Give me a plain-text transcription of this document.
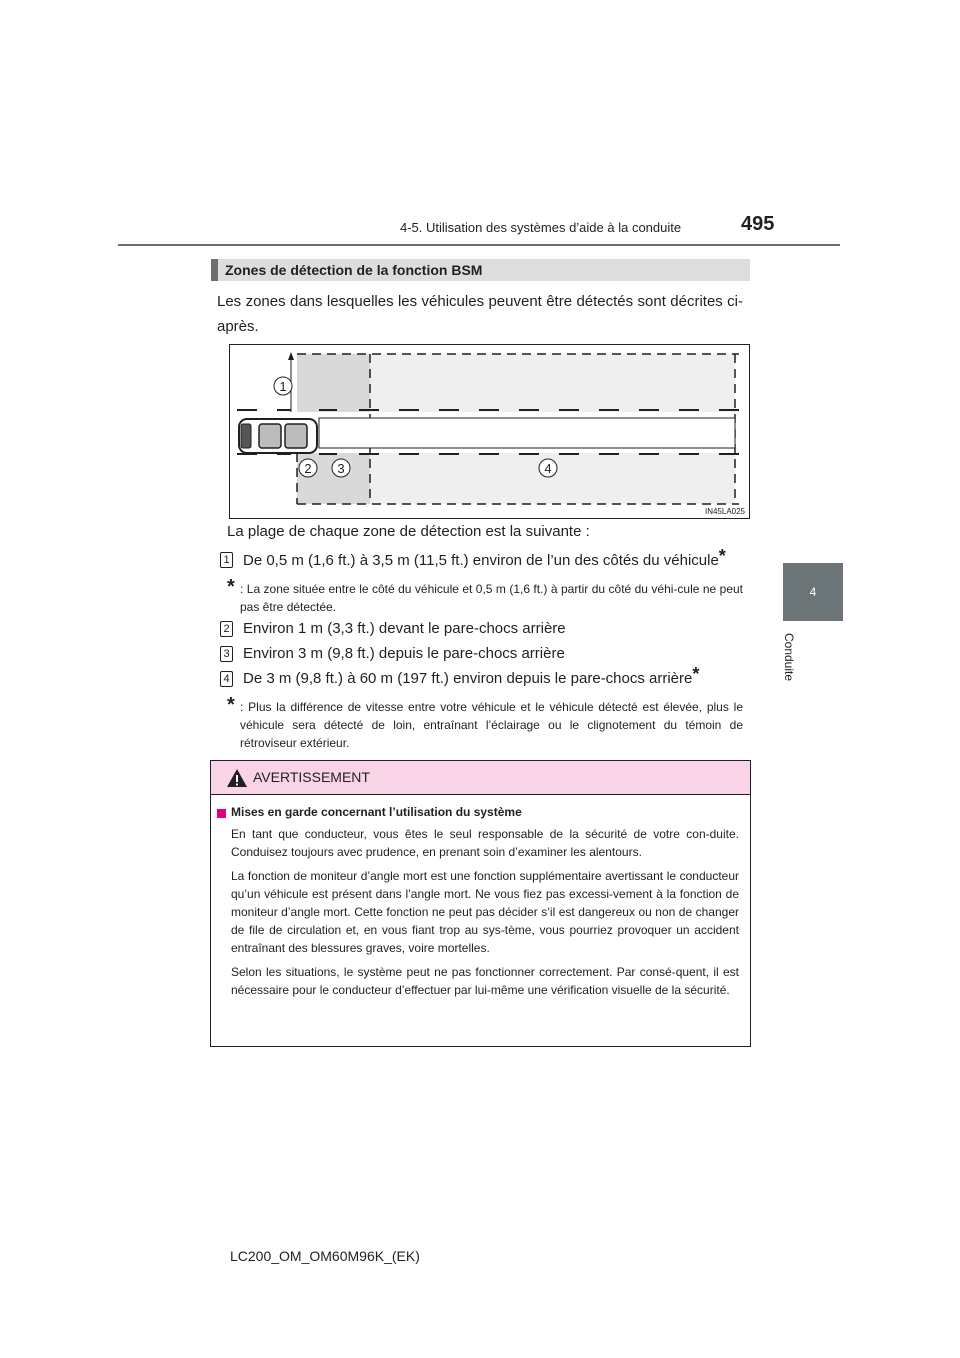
4-5. Utilisation des systèmes d’aide à la conduite	495
4
Conduite
Zones de détection de la fonction BSM
Les zones dans lesquelles les véhicules peuvent être détectés sont décrites ci-après.
1
2 3	4
IN45LA025
La plage de chaque zone de détection est la suivante :
1 De 0,5 m (1,6 ft.) à 3,5 m (11,5 ft.) environ de l’un des côtés du véhicule*
* : La zone située entre le côté du véhicule et 0,5 m (1,6 ft.) à partir du côté du véhi-cule ne peut pas être détectée.
2 Environ 1 m (3,3 ft.) devant le pare-chocs arrière
3 Environ 3 m (9,8 ft.) depuis le pare-chocs arrière
4 De 3 m (9,8 ft.) à 60 m (197 ft.) environ depuis le pare-chocs arrière*
* : Plus la différence de vitesse entre votre véhicule et le véhicule détecté est élevée, plus le véhicule sera détecté de loin, entraînant l’éclairage ou le clignotement du témoin de rétroviseur extérieur.
AVERTISSEMENT
Mises en garde concernant l’utilisation du système
En tant que conducteur, vous êtes le seul responsable de la sécurité de votre con-duite. Conduisez toujours avec prudence, en prenant soin d’examiner les alentours.
La fonction de moniteur d’angle mort est une fonction supplémentaire avertissant le conducteur qu’un véhicule est présent dans l’angle mort. Ne vous fiez pas excessi-vement à la fonction de moniteur d’angle mort. Cette fonction ne peut pas décider s’il est dangereux ou non de changer de file de circulation et, en vous fiant trop au sys-tème, vous pourriez provoquer un accident entraînant des blessures graves, voire mortelles.
Selon les situations, le système peut ne pas fonctionner correctement. Par consé-quent, il est nécessaire pour le conducteur d’effectuer par lui-même une vérification visuelle de la sécurité.
LC200_OM_OM60M96K_(EK)
